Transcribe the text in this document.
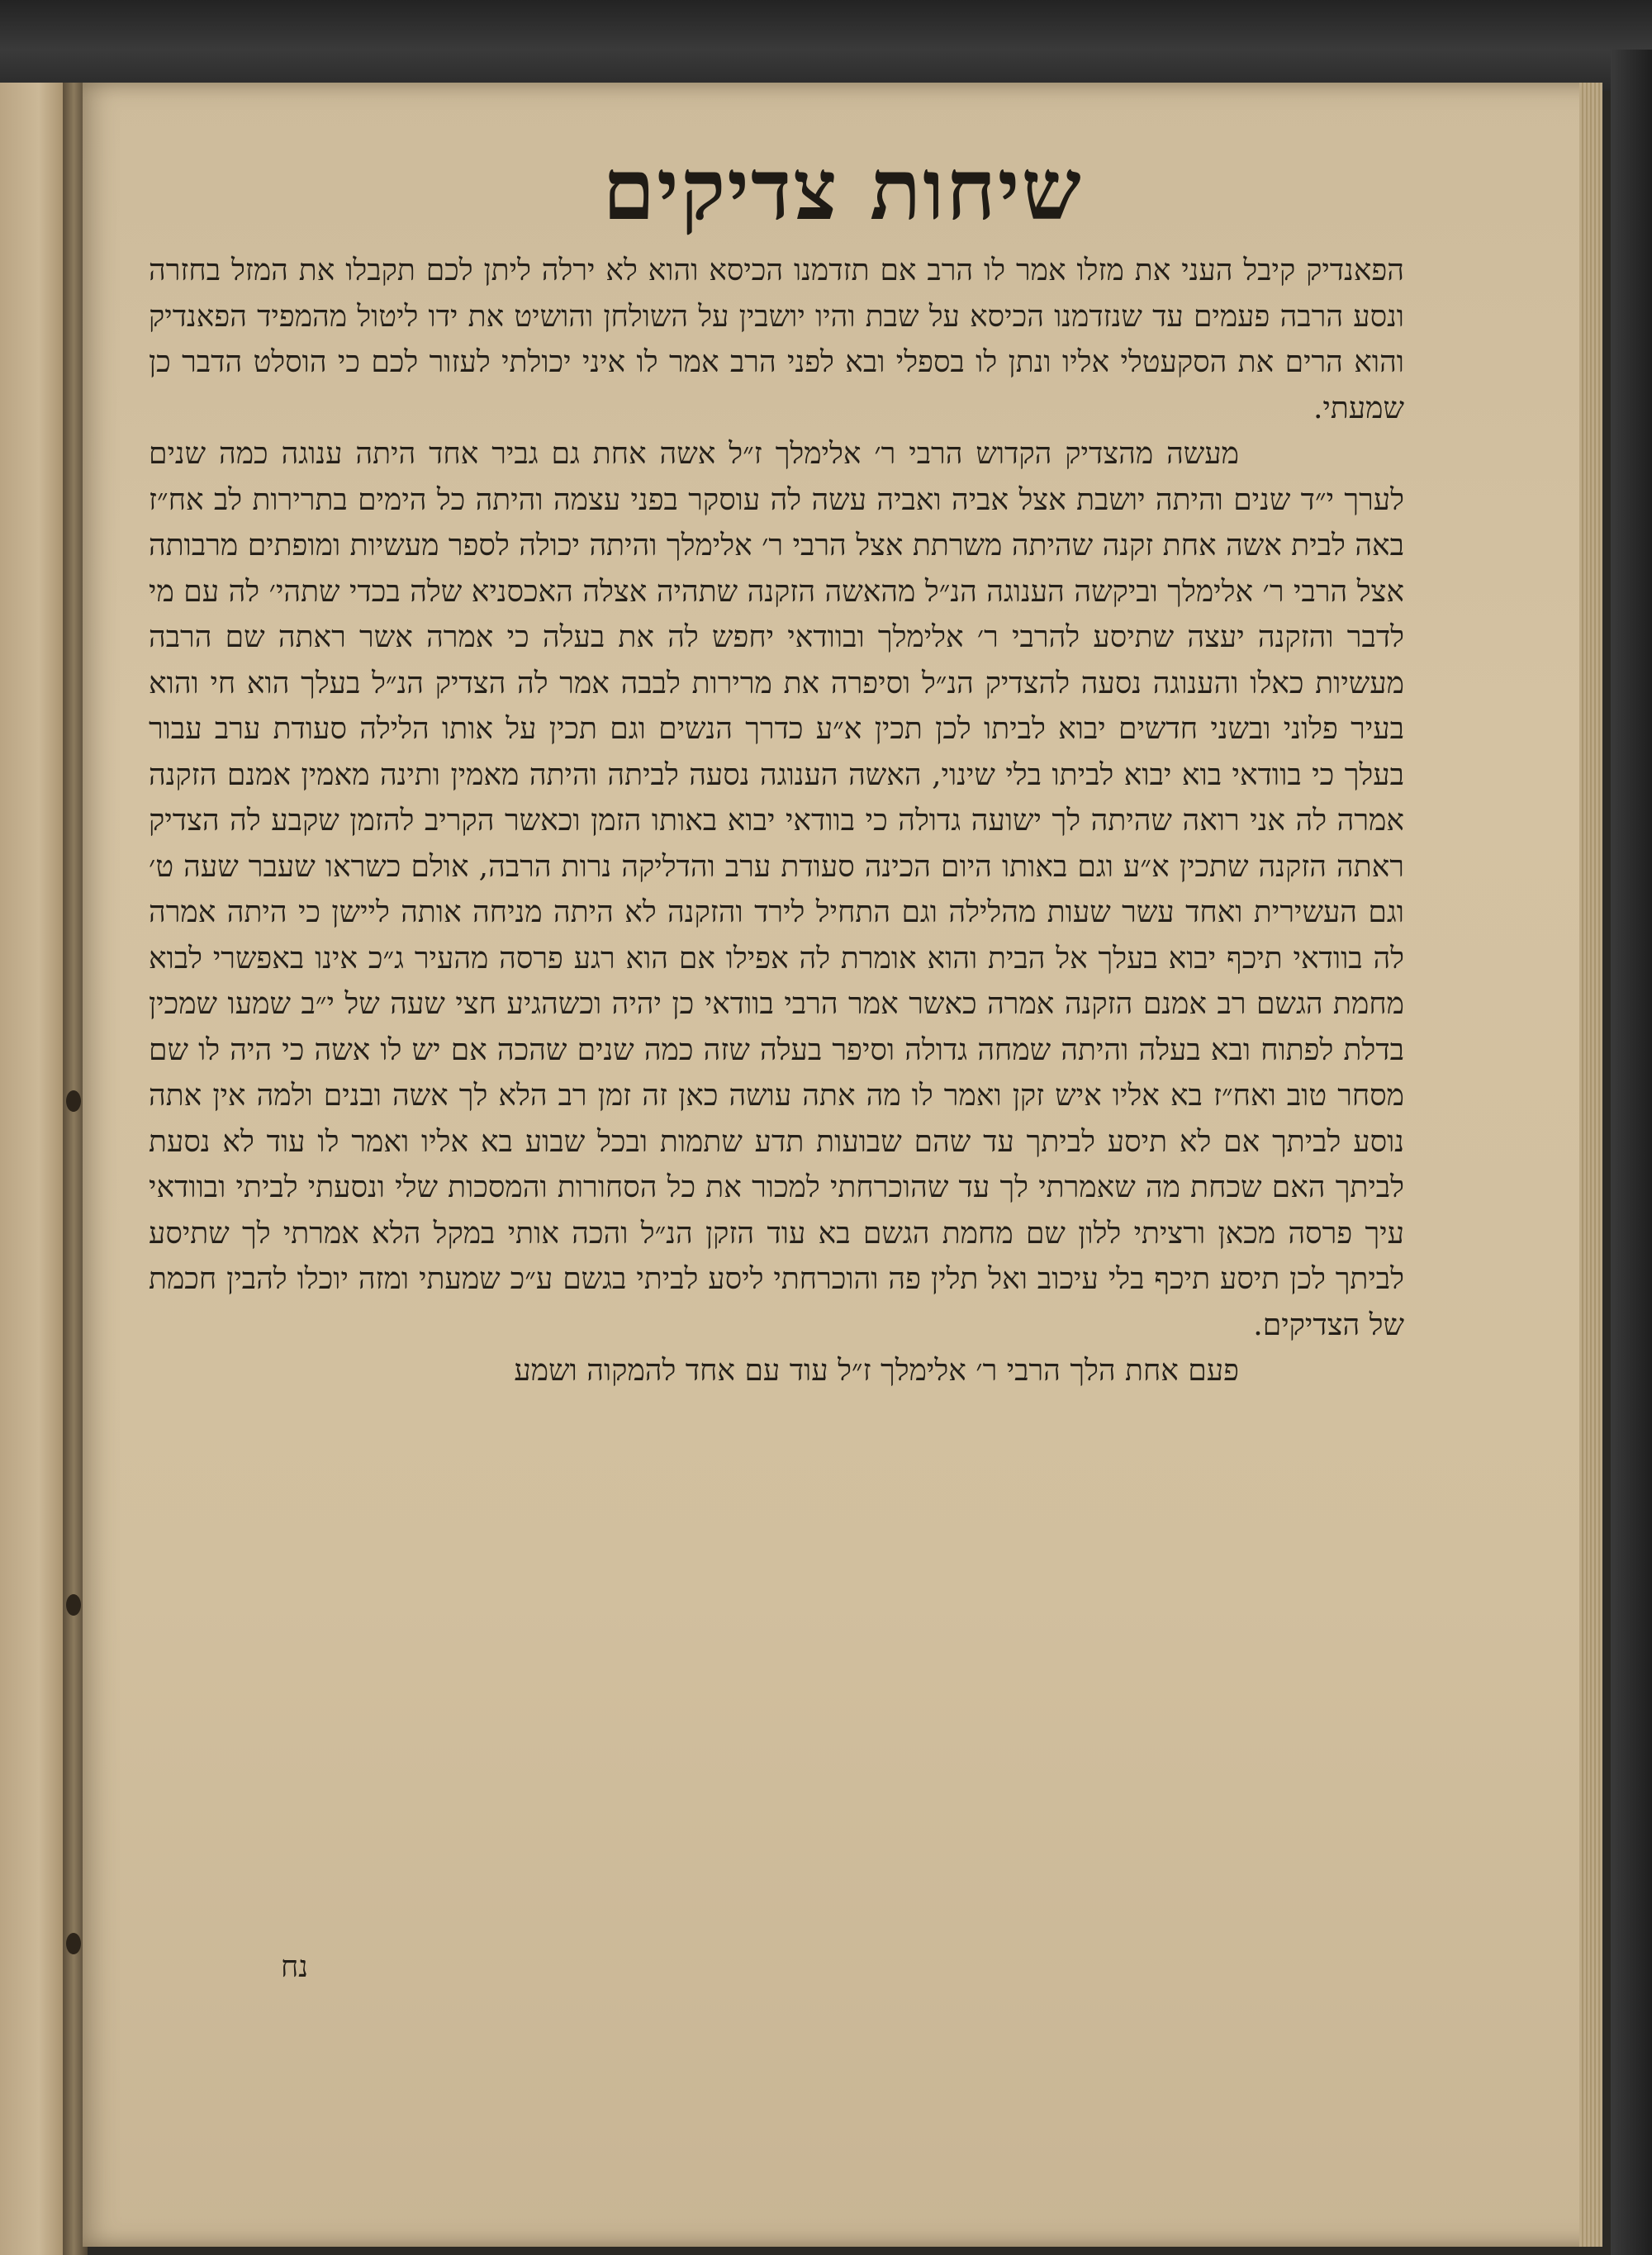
שיחות צדיקים

הפאנדיק קיבל העני את מזלו אמר לו הרב אם תזדמנו הכיסא והוא לא ירלה ליתן לכם תקבלו את המזל בחזרה ונסע הרבה פעמים עד שנזדמנו הכיסא על שבת והיו יושבין על השולחן והושיט את ידו ליטול מהמפיד הפאנדיק והוא הרים את הסקעטלי אליו ונתן לו בספלי ובא לפני הרב אמר לו איני יכולתי לעזור לכם כי הוסלט הדבר כן שמעתי.

מעשה מהצדיק הקדוש הרבי ר׳ אלימלך ז״ל אשה אחת גם גביר אחד היתה ענוגה כמה שנים לערך י״ד שנים והיתה יושבת אצל אביה ואביה עשה לה עוסקר בפני עצמה והיתה כל הימים בתרירות לב אח״ז באה לבית אשה אחת זקנה שהיתה משרתת אצל הרבי ר׳ אלימלך והיתה יכולה לספר מעשיות ומופתים מרבותה אצל הרבי ר׳ אלימלך וביקשה הענוגה הנ״ל מהאשה הזקנה שתהיה אצלה האכסניא שלה בכדי שתהי׳ לה עם מי לדבר והזקנה יעצה שתיסע להרבי ר׳ אלימלך ובוודאי יחפש לה את בעלה כי אמרה אשר ראתה שם הרבה מעשיות כאלו והענוגה נסעה להצדיק הנ״ל וסיפרה את מרירות לבבה אמר לה הצדיק הנ״ל בעלך הוא חי והוא בעיר פלוני ובשני חדשים יבוא לביתו לכן תכין א״ע כדרך הנשים וגם תכין על אותו הלילה סעודת ערב עבור בעלך כי בוודאי בוא יבוא לביתו בלי שינוי, האשה הענוגה נסעה לביתה והיתה מאמין ותינה מאמין אמנם הזקנה אמרה לה אני רואה שהיתה לך ישועה גדולה כי בוודאי יבוא באותו הזמן וכאשר הקריב להזמן שקבע לה הצדיק ראתה הזקנה שתכין א״ע וגם באותו היום הכינה סעודת ערב והדליקה נרות הרבה, אולם כשראו שעבר שעה ט׳ וגם העשירית ואחד עשר שעות מהלילה וגם התחיל לירד והזקנה לא היתה מניחה אותה ליישן כי היתה אמרה לה בוודאי תיכף יבוא בעלך אל הבית והוא אומרת לה אפילו אם הוא רגע פרסה מהעיר ג״כ אינו באפשרי לבוא מחמת הגשם רב אמנם הזקנה אמרה כאשר אמר הרבי בוודאי כן יהיה וכשהגיע חצי שעה של י״ב שמעו שמכין בדלת לפתוח ובא בעלה והיתה שמחה גדולה וסיפר בעלה שזה כמה שנים שהכה אם יש לו אשה כי היה לו שם מסחר טוב ואח״ז בא אליו איש זקן ואמר לו מה אתה עושה כאן זה זמן רב הלא לך אשה ובנים ולמה אין אתה נוסע לביתך אם לא תיסע לביתך עד שהם שבועות תדע שתמות ובכל שבוע בא אליו ואמר לו עוד לא נסעת לביתך האם שכחת מה שאמרתי לך עד שהוכרחתי למכור את כל הסחורות והמסכות שלי ונסעתי לביתי ובוודאי עיך פרסה מכאן ורציתי ללון שם מחמת הגשם בא עוד הזקן הנ״ל והכה אותי במקל הלא אמרתי לך שתיסע לביתך לכן תיסע תיכף בלי עיכוב ואל תלין פה והוכרחתי ליסע לביתי בגשם ע״כ שמעתי ומזה יוכלו להבין חכמת של הצדיקים.

פעם אחת הלך הרבי ר׳ אלימלך ז״ל עוד עם אחד להמקוה ושמע

נח
